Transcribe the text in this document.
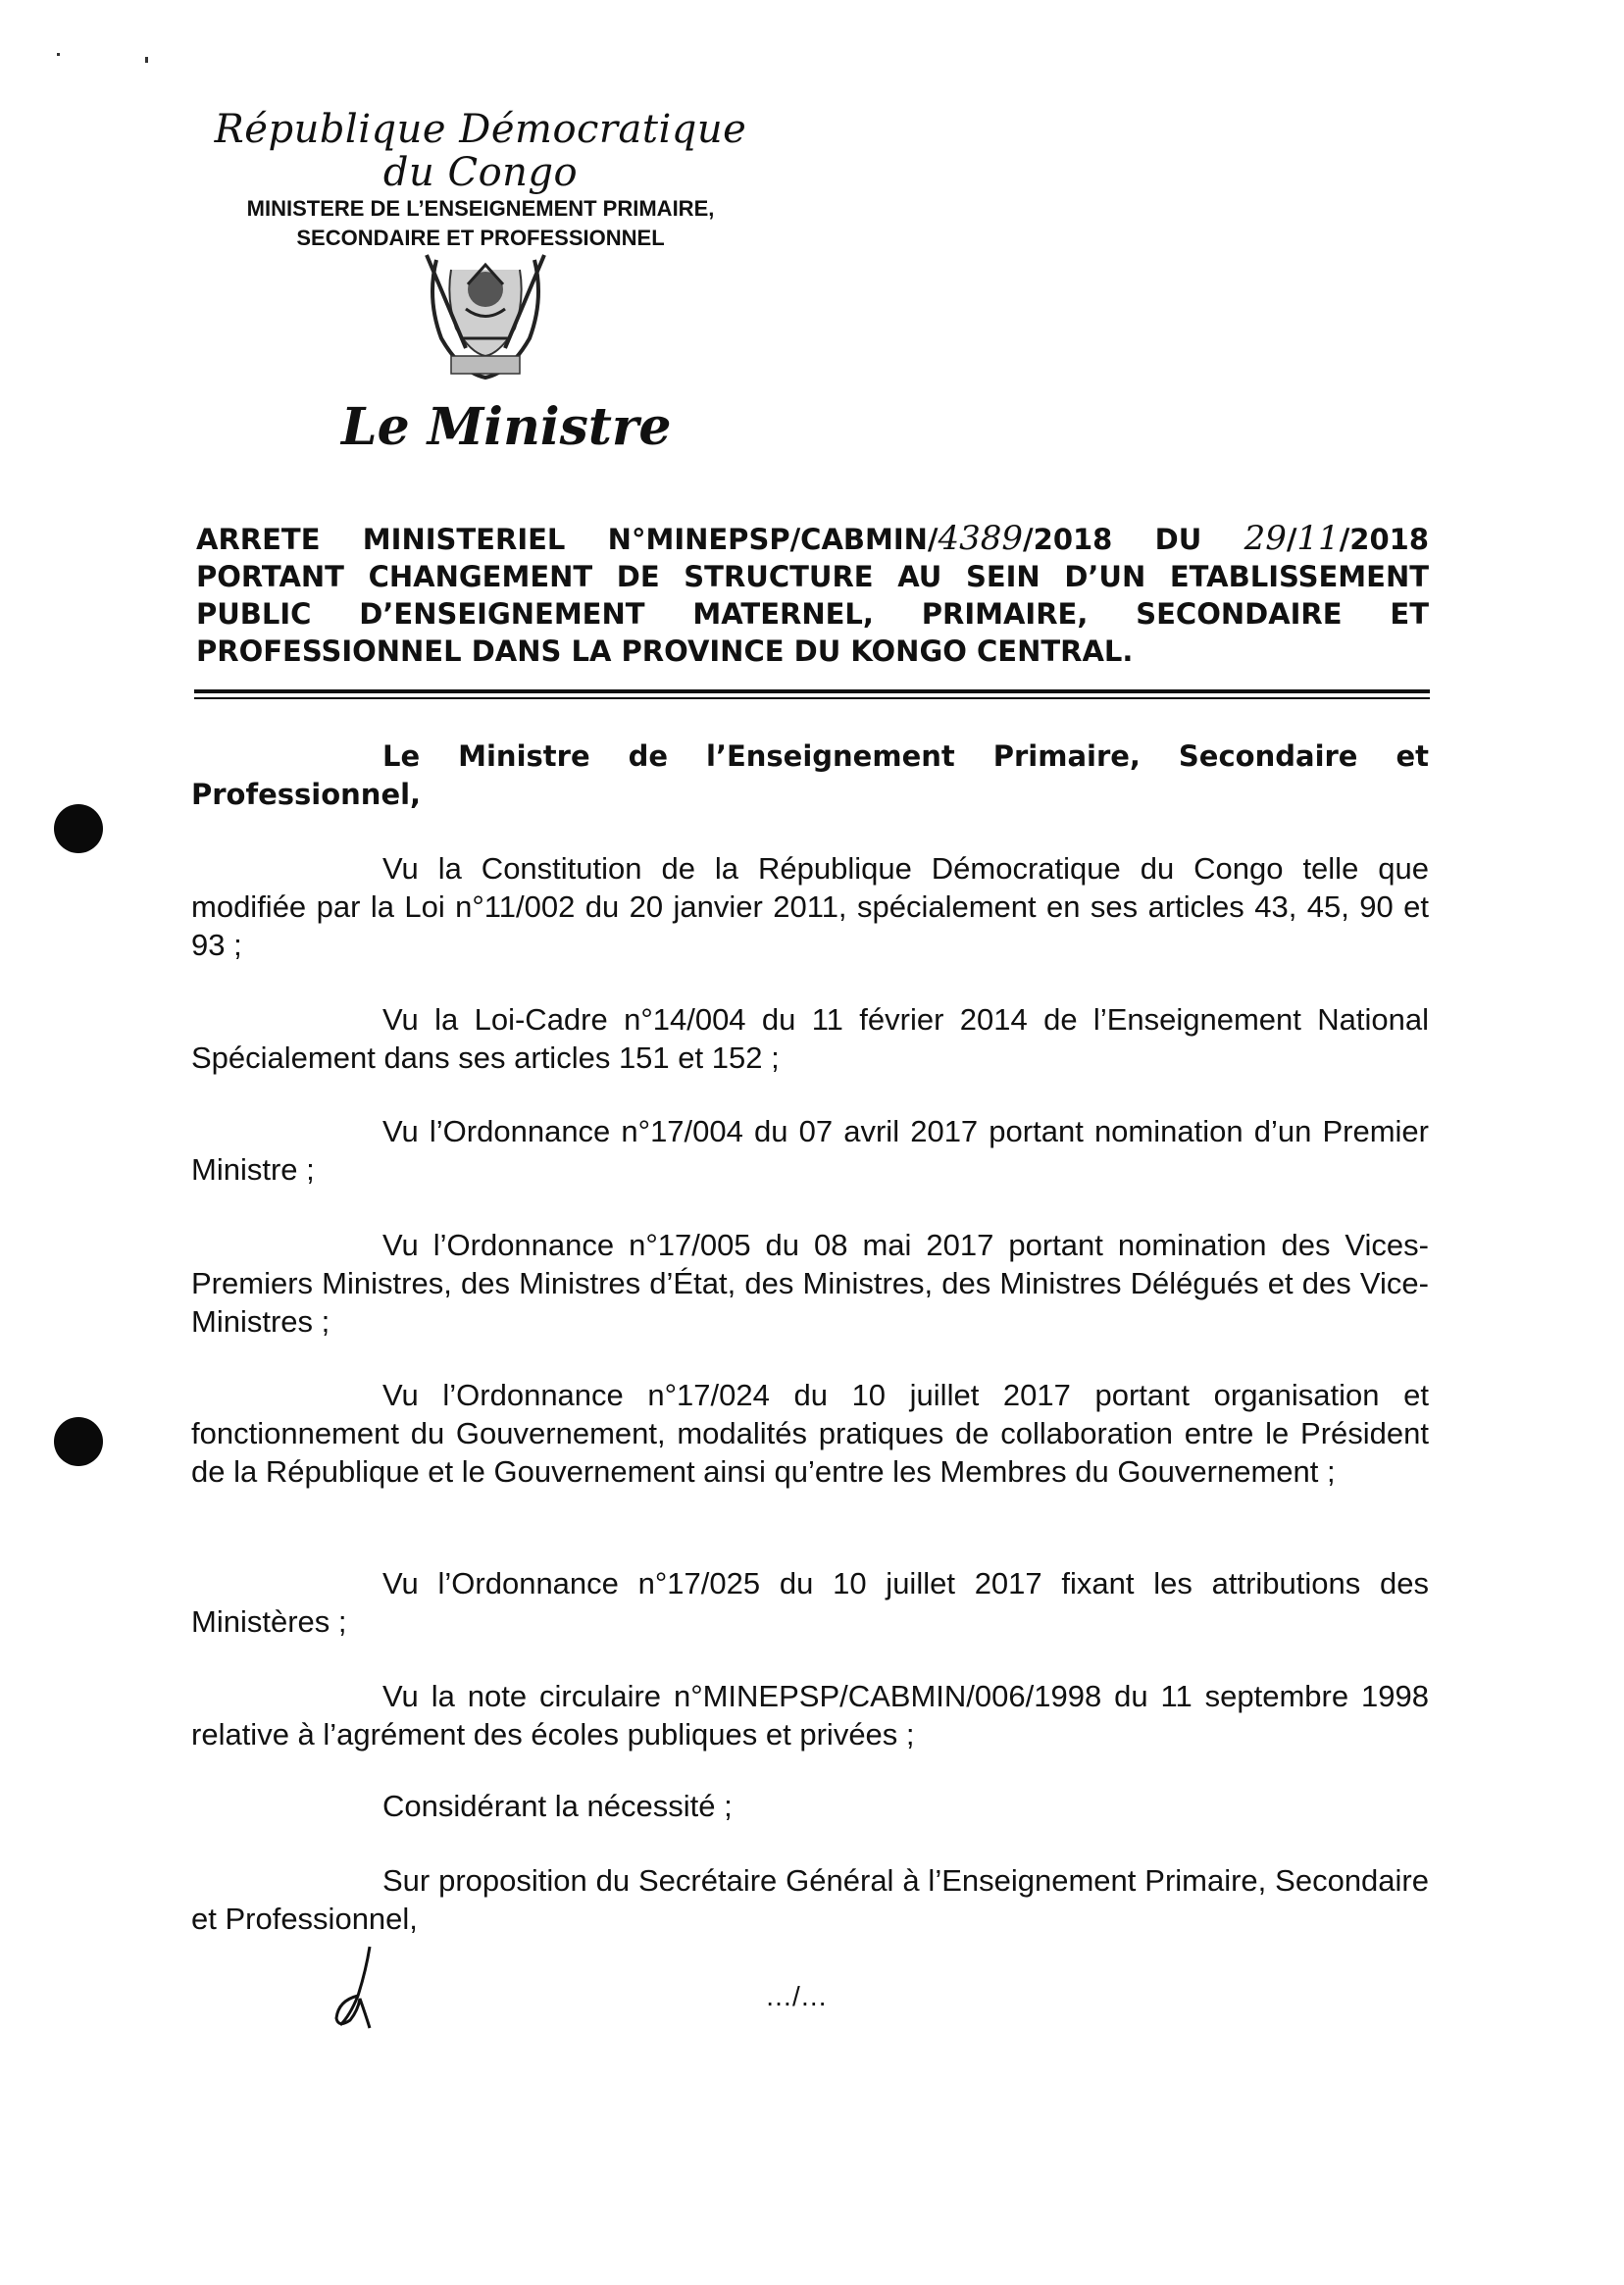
République Démocratique du Congo
MINISTERE DE L’ENSEIGNEMENT PRIMAIRE,
SECONDAIRE ET PROFESSIONNEL
Le Ministre
ARRETE MINISTERIEL N°MINEPSP/CABMIN/4389/2018 DU 29/11/2018
PORTANT CHANGEMENT DE STRUCTURE AU SEIN D’UN ETABLISSEMENT
PUBLIC D’ENSEIGNEMENT MATERNEL, PRIMAIRE, SECONDAIRE ET
PROFESSIONNEL DANS LA PROVINCE DU KONGO CENTRAL.
Le Ministre de l’Enseignement Primaire, Secondaire et Professionnel,
Vu la Constitution de la République Démocratique du Congo telle que modifiée par la Loi n°11/002 du 20 janvier 2011, spécialement en ses articles 43, 45, 90 et 93 ;
Vu la Loi-Cadre n°14/004 du 11 février 2014 de l’Enseignement National Spécialement dans ses articles 151 et 152 ;
Vu l’Ordonnance n°17/004 du 07 avril 2017 portant nomination d’un Premier Ministre ;
Vu l’Ordonnance n°17/005 du 08 mai 2017 portant nomination des Vices-Premiers Ministres, des Ministres d’État, des Ministres, des Ministres Délégués et des Vice-Ministres ;
Vu l’Ordonnance n°17/024 du 10 juillet 2017 portant organisation et fonctionnement du Gouvernement, modalités pratiques de collaboration entre le Président de la République et le Gouvernement ainsi qu’entre les Membres du Gouvernement ;
Vu l’Ordonnance n°17/025 du 10 juillet 2017 fixant les attributions des Ministères ;
Vu la note circulaire n°MINEPSP/CABMIN/006/1998 du 11 septembre 1998 relative à l’agrément des écoles publiques et privées ;
Considérant la nécessité ;
Sur proposition du Secrétaire Général à l’Enseignement Primaire, Secondaire et Professionnel,
…/…
